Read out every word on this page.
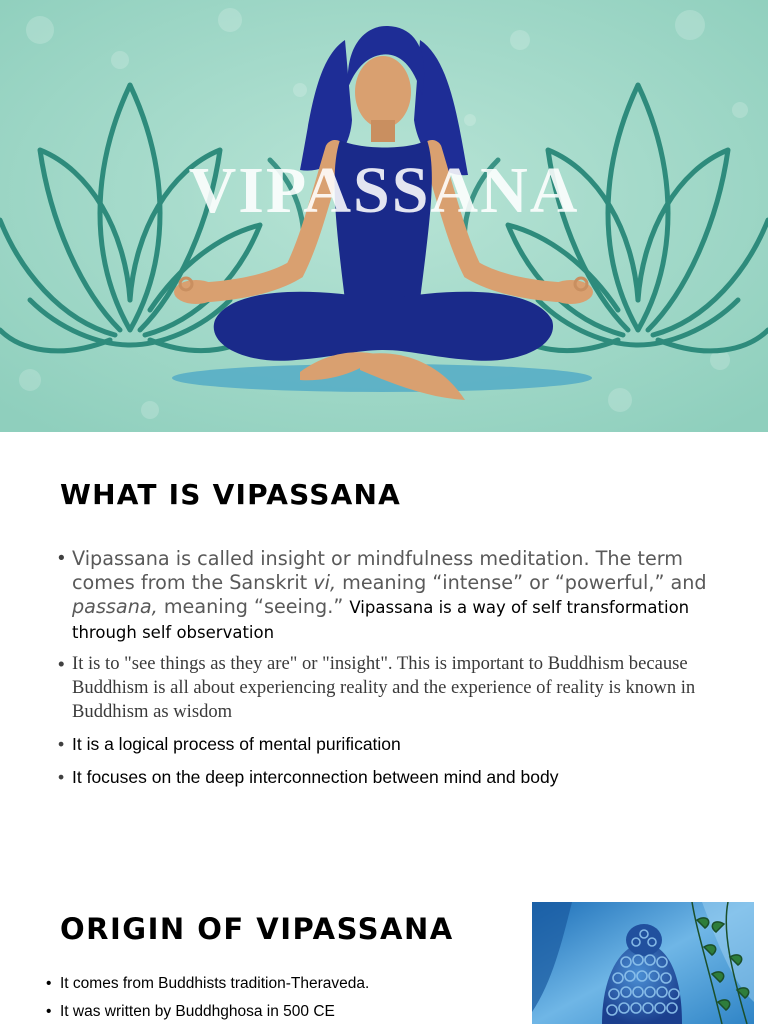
VIPASSANA
WHAT IS VIPASSANA
• Vipassana is called insight or mindfulness meditation. The term comes from the Sanskrit vi, meaning “intense” or “powerful,” and passana, meaning “seeing.” Vipassana is a way of self transformation through self observation
• It is to "see things as they are" or "insight". This is important to Buddhism because Buddhism is all about experiencing reality and the experience of reality is known in Buddhism as wisdom
• It is a logical process of mental purification
• It focuses on the deep interconnection between mind and body
ORIGIN OF VIPASSANA
• It comes from Buddhists tradition-Theraveda.
• It was written by Buddhghosa in 500 CE
